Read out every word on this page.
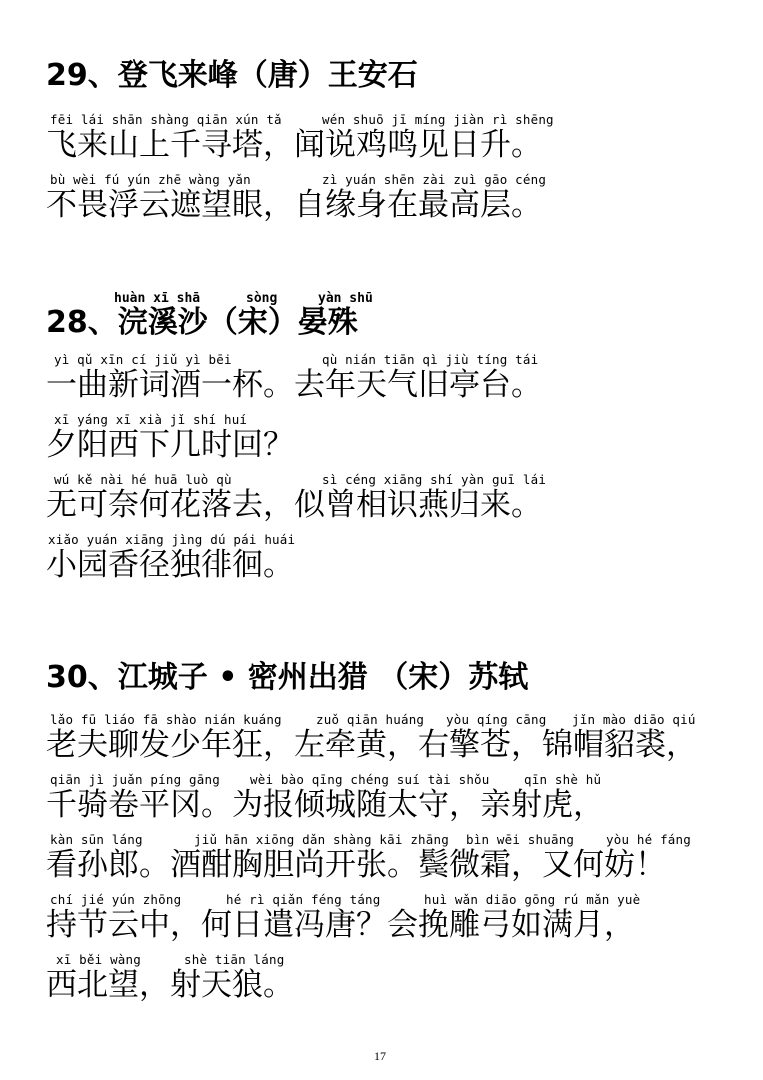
29、登飞来峰（唐）王安石
fēi lái shān shàng qiān xún tǎ	wén shuō jī míng jiàn rì shēng
飞来山上千寻塔，闻说鸡鸣见日升。
bù wèi fú yún zhē wàng yǎn	zì yuán shēn zài zuì gāo céng
不畏浮云遮望眼，自缘身在最高层。
huàn xī shā	sòng	yàn shū
28、浣溪沙（宋）晏殊
yì qǔ xīn cí jiǔ yì bēi	qù nián tiān qì jiù tíng tái
一曲新词酒一杯。去年天气旧亭台。
xī yáng xī xià jǐ shí huí
夕阳西下几时回？
wú kě nài hé huā luò qù	sì céng xiāng shí yàn guī lái
无可奈何花落去，似曾相识燕归来。
xiǎo yuán xiāng jìng dú pái huái
小园香径独徘徊。
30、江城子 • 密州出猎 （宋）苏轼
lǎo fū liáo fā shào nián kuáng	zuǒ qiān huáng yòu qíng cāng jǐn mào diāo qiú
老夫聊发少年狂，左牵黄，右擎苍，锦帽貂裘，
qiān jì juǎn píng gāng wèi bào qīng chéng suí tài shǒu	qīn shè hǔ
千骑卷平冈。为报倾城随太守，亲射虎，
kàn sūn láng	jiǔ hān xiōng dǎn shàng kāi zhāng bìn wēi shuāng	yòu hé fáng
看孙郎。酒酣胸胆尚开张。鬓微霜，又何妨！
chí jié yún zhōng	hé rì qiǎn féng táng	huì wǎn diāo gōng rú mǎn yuè
持节云中，何日遣冯唐？会挽雕弓如满月，
xī běi wàng	shè tiān láng
西北望，射天狼。
17
